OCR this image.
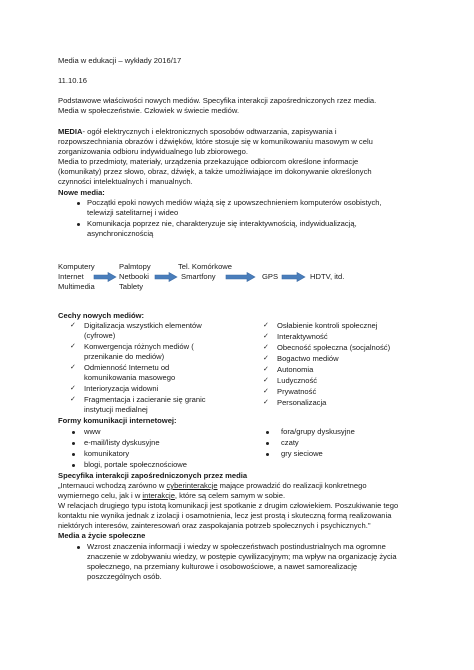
Media w edukacji – wykłady 2016/17
11.10.16
Podstawowe właściwości nowych mediów. Specyfika interakcji zapośredniczonych rzez media.
Media w społeczeństwie. Człowiek w świecie mediów.
MEDIA- ogół elektrycznych i elektronicznych sposobów odtwarzania, zapisywania i
rozpowszechniania obrazów i dźwięków, które stosuje się w komunikowaniu masowym w celu
zorganizowania odbioru indywidualnego lub zbiorowego.
Media to przedmioty, materiały, urządzenia przekazujące odbiorcom określone informacje
(komunikaty) przez słowo, obraz, dźwięk, a także umożliwiające im dokonywanie określonych
czynności intelektualnych i manualnych.
Nowe media:
Początki epoki nowych mediów wiążą się z upowszechnieniem komputerów osobistych,
telewizji satelitarnej i wideo
Komunikacja poprzez nie, charakteryzuje się interaktywnością, indywidualizacją,
asynchronicznością
Komputery
Internet
Multimedia
Palmtopy
Netbooki
Tablety
Tel. Komórkowe
Smartfony	GPS	HDTV, itd.
Cechy nowych mediów:
✓ Digitalizacja wszystkich elementów
(cyfrowe)
✓ Konwergencja różnych mediów (
przenikanie do mediów)
✓ Odmienność Internetu od
komunikowania masowego
✓ Interioryzacja widowni
✓ Fragmentacja i zacieranie się granic
instytucji medialnej
✓ Osłabienie kontroli społecznej
✓ Interaktywność
✓ Obecność społeczna (socjalność)
✓ Bogactwo mediów
✓ Autonomia
✓ Ludyczność
✓ Prywatność
✓ Personalizacja
Formy komunikacji internetowej:
www
e-mail/listy dyskusyjne
komunikatory
blogi, portale społecznościowe
fora/grupy dyskusyjne
czaty
gry sieciowe
Specyfika interakcji zapośredniczonych przez media
„Internauci wchodzą zarówno w cyberinterakcje mające prowadzić do realizacji konkretnego
wymiernego celu, jak i w interakcje, które są celem samym w sobie.
W relacjach drugiego typu istotą komunikacji jest spotkanie z drugim człowiekiem. Poszukiwanie tego
kontaktu nie wynika jednak z izolacji i osamotnienia, lecz jest prostą i skuteczną formą realizowania
niektórych interesów, zainteresowań oraz zaspokajania potrzeb społecznych i psychicznych."
Media a życie społeczne
Wzrost znaczenia informacji i wiedzy w społeczeństwach postindustrialnych ma ogromne
znaczenie w zdobywaniu wiedzy, w postępie cywilizacyjnym; ma wpływ na organizację życia
społecznego, na przemiany kulturowe i osobowościowe, a nawet samorealizację
poszczególnych osób.
